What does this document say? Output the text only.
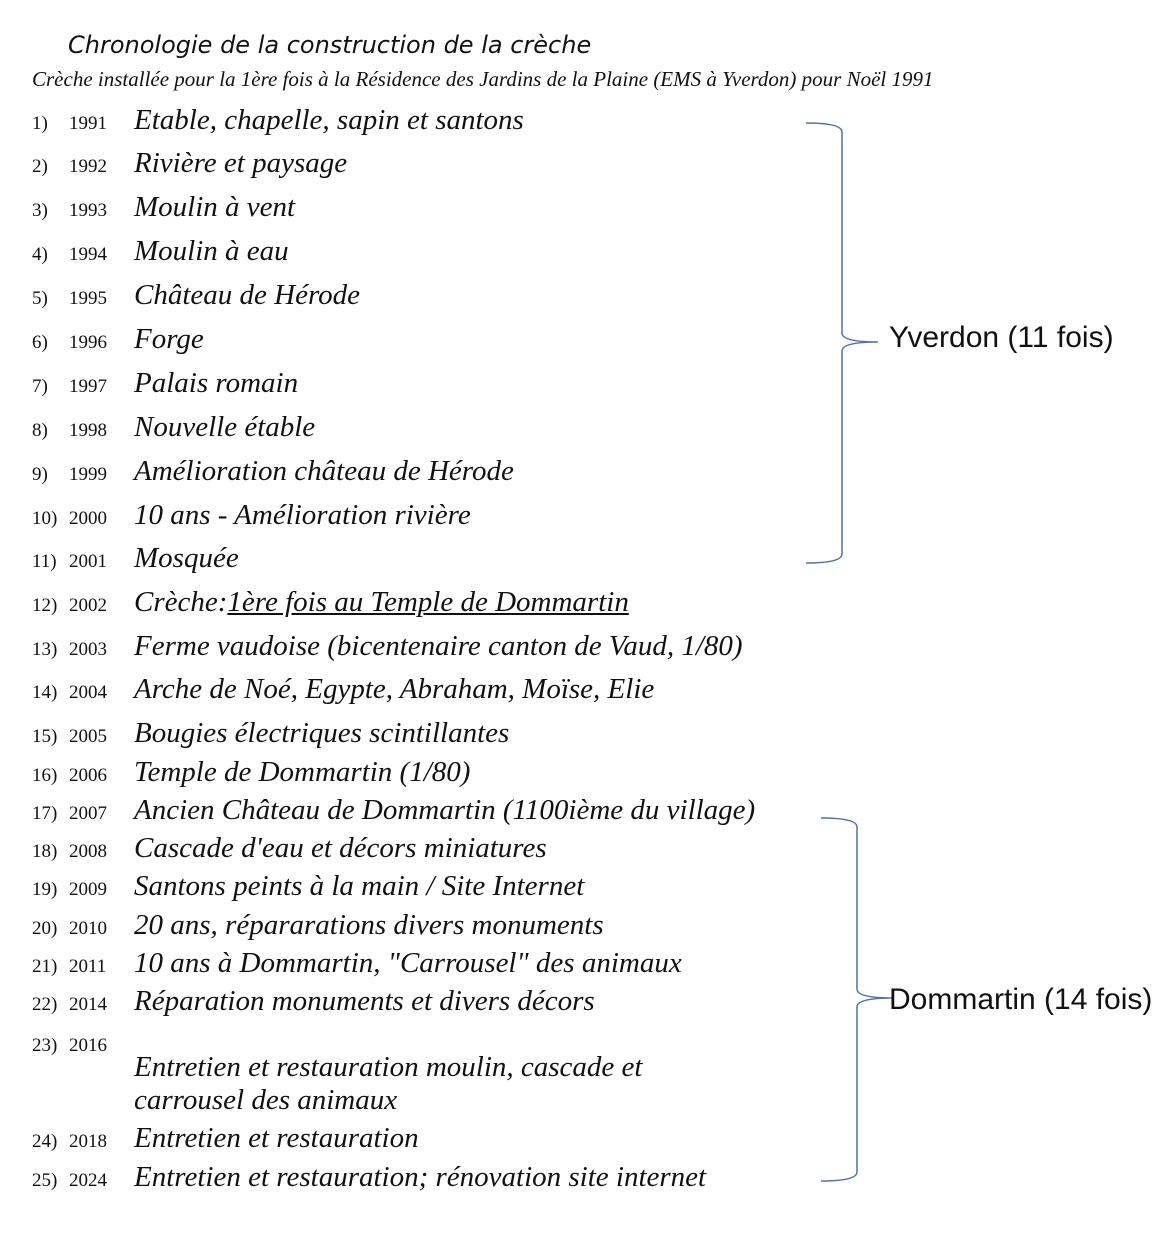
Chronologie de la construction de la crèche
Crèche installée pour la 1ère fois à la Résidence des Jardins de la Plaine (EMS à Yverdon) pour Noël 1991
1) 1991 Etable, chapelle, sapin et santons
2) 1992 Rivière et paysage
3) 1993 Moulin à vent
4) 1994 Moulin à eau
5) 1995 Château de Hérode
6) 1996 Forge
7) 1997 Palais romain
8) 1998 Nouvelle étable
9) 1999 Amélioration château de Hérode
10) 2000 10 ans - Amélioration rivière
11) 2001 Mosquée
12) 2002 Crèche:1ère fois au Temple de Dommartin
13) 2003 Ferme vaudoise (bicentenaire canton de Vaud, 1/80)
14) 2004 Arche de Noé, Egypte, Abraham, Moïse, Elie
15) 2005 Bougies électriques scintillantes
16) 2006 Temple de Dommartin (1/80)
17) 2007 Ancien Château de Dommartin (1100ième du village)
18) 2008 Cascade d'eau et décors miniatures
19) 2009 Santons peints à la main / Site Internet
20) 2010 20 ans, répararations divers monuments
21) 2011 10 ans à Dommartin, "Carrousel" des animaux
22) 2014 Réparation monuments et divers décors
23) 2016
Entretien et restauration moulin, cascade et
carrousel des animaux
24) 2018 Entretien et restauration
25) 2024 Entretien et restauration; rénovation site internet
Yverdon (11 fois)
Dommartin (14 fois)
